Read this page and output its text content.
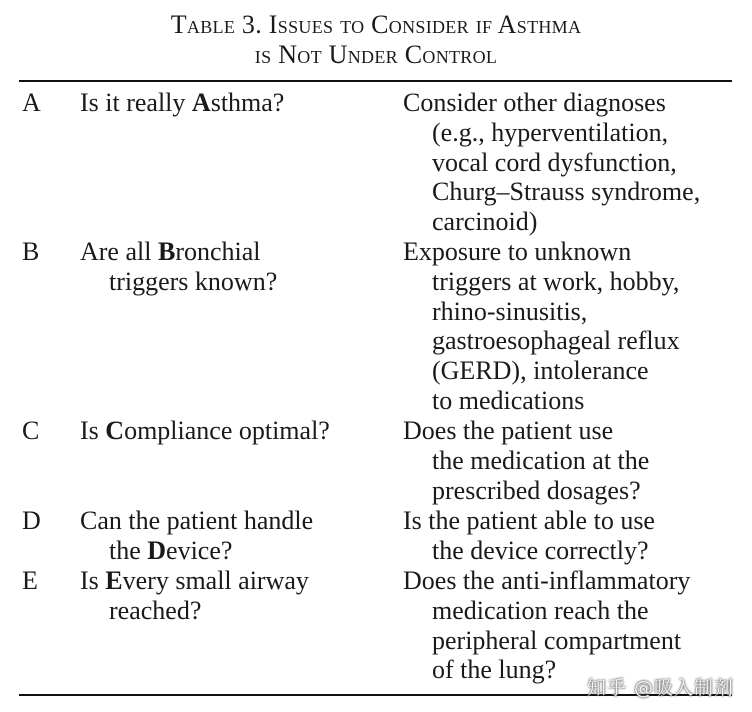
Table 3. Issues to Consider if Asthma
is Not Under Control
A Is it really Asthma?	Consider other diagnoses
(e.g., hyperventilation,
vocal cord dysfunction,
Churg–Strauss syndrome,
carcinoid)
B Are all Bronchial
triggers known?
Exposure to unknown
triggers at work, hobby,
rhino-sinusitis,
gastroesophageal reflux
(GERD), intolerance
to medications
C Is Compliance optimal?	Does the patient use
the medication at the
prescribed dosages?
D Can the patient handle
the Device?
Is the patient able to use
the device correctly?
E Is Every small airway
reached?
Does the anti-inflammatory
medication reach the
peripheral compartment
of the lung?
知乎 @吸入制剂
